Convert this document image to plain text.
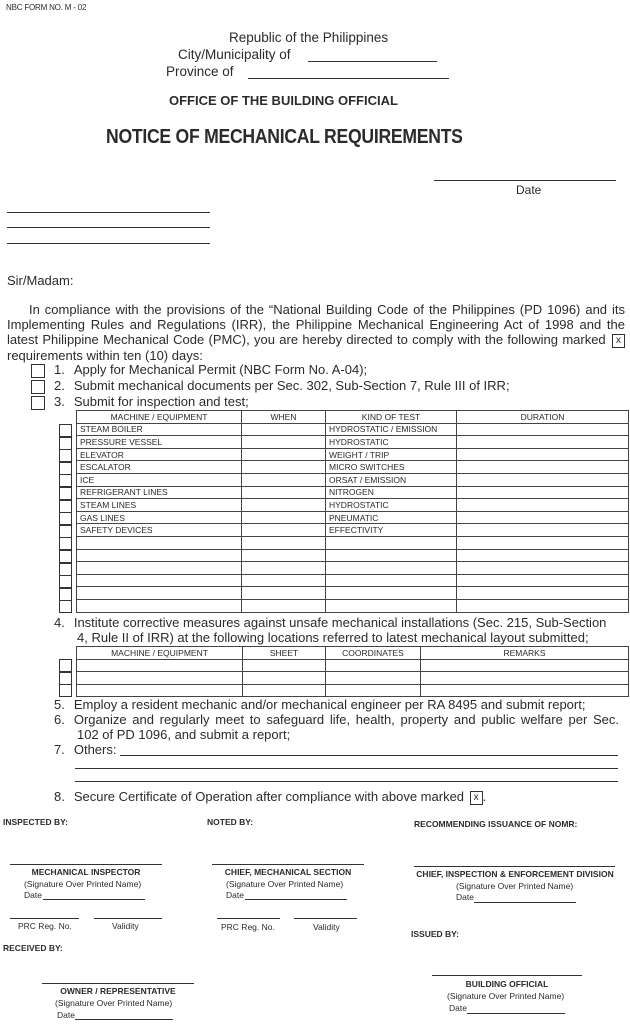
NBC FORM NO. M - 02
Republic of the Philippines
City/Municipality of
Province of
OFFICE OF THE BUILDING OFFICIAL
NOTICE OF MECHANICAL REQUIREMENTS
Date
Sir/Madam:
In compliance with the provisions of the “National Building Code of the Philippines (PD 1096) and its Implementing Rules and Regulations (IRR), the Philippine Mechanical Engineering Act of 1998 and the latest Philippine Mechanical Code (PMC), you are hereby directed to comply with the following marked x requirements within ten (10) days:
1. Apply for Mechanical Permit (NBC Form No. A-04);
2. Submit mechanical documents per Sec. 302, Sub-Section 7, Rule III of IRR;
3. Submit for inspection and test;
MACHINE / EQUIPMENT	WHEN	KIND OF TEST	DURATION
STEAM BOILER		HYDROSTATIC / EMISSION	
PRESSURE VESSEL		HYDROSTATIC	
ELEVATOR		WEIGHT / TRIP	
ESCALATOR		MICRO SWITCHES	
ICE		ORSAT / EMISSION	
REFRIGERANT LINES		NITROGEN	
STEAM LINES		HYDROSTATIC	
GAS LINES		PNEUMATIC	
SAFETY DEVICES		EFFECTIVITY	

4. Institute corrective measures against unsafe mechanical installations (Sec. 215, Sub-Section
4, Rule II of IRR) at the following locations referred to latest mechanical layout submitted;
MACHINE / EQUIPMENT	SHEET	COORDINATES	REMARKS

5. Employ a resident mechanic and/or mechanical engineer per RA 8495 and submit report;
6. Organize and regularly meet to safeguard life, health, property and public welfare per Sec.
102 of PD 1096, and submit a report;
7. Others:
8. Secure Certificate of Operation after compliance with above marked x .
INSPECTED BY:	NOTED BY:	RECOMMENDING ISSUANCE OF NOMR:
MECHANICAL INSPECTOR
(Signature Over Printed Name)
Date
PRC Reg. No.	Validity
CHIEF, MECHANICAL SECTION
(Signature Over Printed Name)
Date
PRC Reg. No.	Validity
CHIEF, INSPECTION & ENFORCEMENT DIVISION
(Signature Over Printed Name)
Date
ISSUED BY:
RECEIVED BY:
OWNER / REPRESENTATIVE
(Signature Over Printed Name)
Date
BUILDING OFFICIAL
(Signature Over Printed Name)
Date
